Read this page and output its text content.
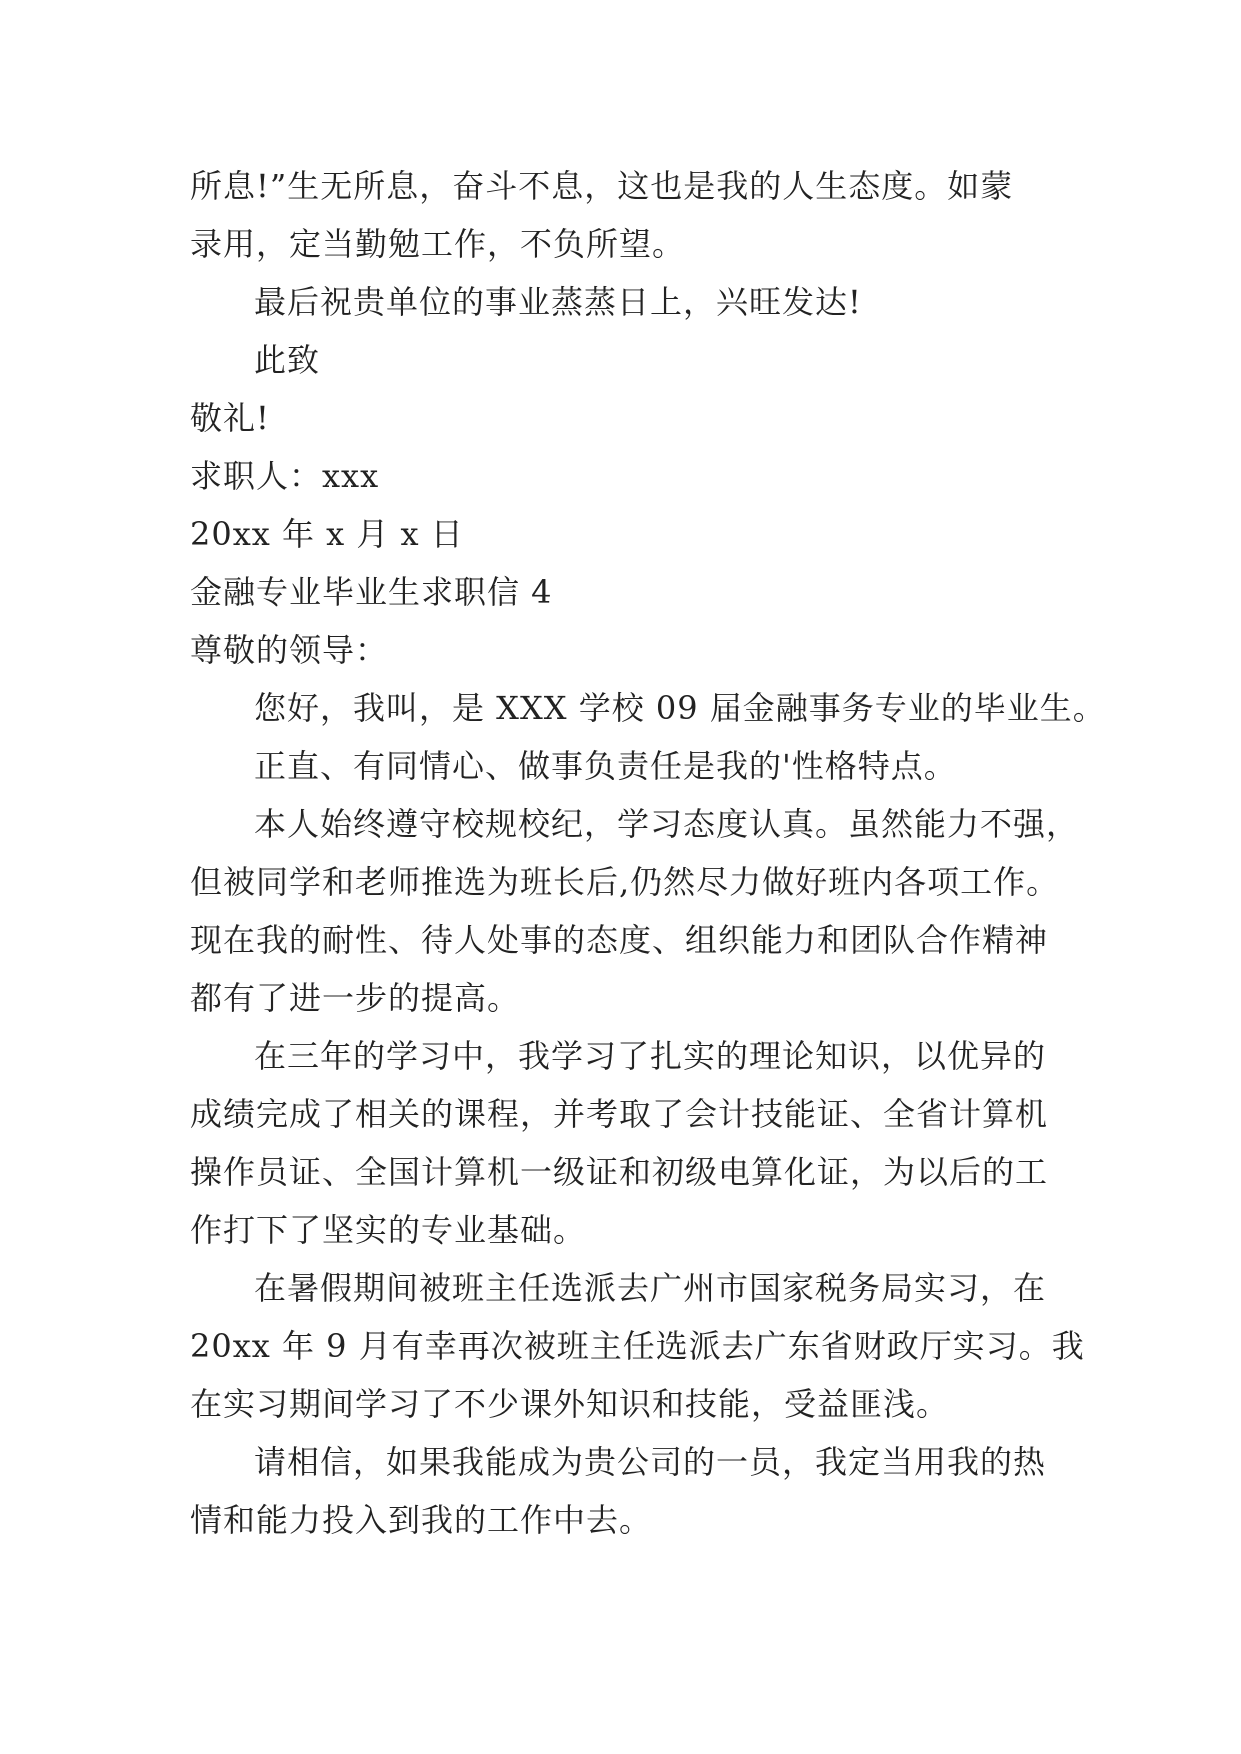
所息!”生无所息，奋斗不息，这也是我的人生态度。如蒙
录用，定当勤勉工作，不负所望。
最后祝贵单位的事业蒸蒸日上，兴旺发达!
此致
敬礼!
求职人：xxx
20xx 年 x 月 x 日
金融专业毕业生求职信 4
尊敬的领导：
您好，我叫，是 XXX 学校 09 届金融事务专业的毕业生。
正直、有同情心、做事负责任是我的'性格特点。
本人始终遵守校规校纪，学习态度认真。虽然能力不强，
但被同学和老师推选为班长后,仍然尽力做好班内各项工作。
现在我的耐性、待人处事的态度、组织能力和团队合作精神
都有了进一步的提高。
在三年的学习中，我学习了扎实的理论知识，以优异的
成绩完成了相关的课程，并考取了会计技能证、全省计算机
操作员证、全国计算机一级证和初级电算化证，为以后的工
作打下了坚实的专业基础。
在暑假期间被班主任选派去广州市国家税务局实习，在
20xx 年 9 月有幸再次被班主任选派去广东省财政厅实习。我
在实习期间学习了不少课外知识和技能，受益匪浅。
请相信，如果我能成为贵公司的一员，我定当用我的热
情和能力投入到我的工作中去。
